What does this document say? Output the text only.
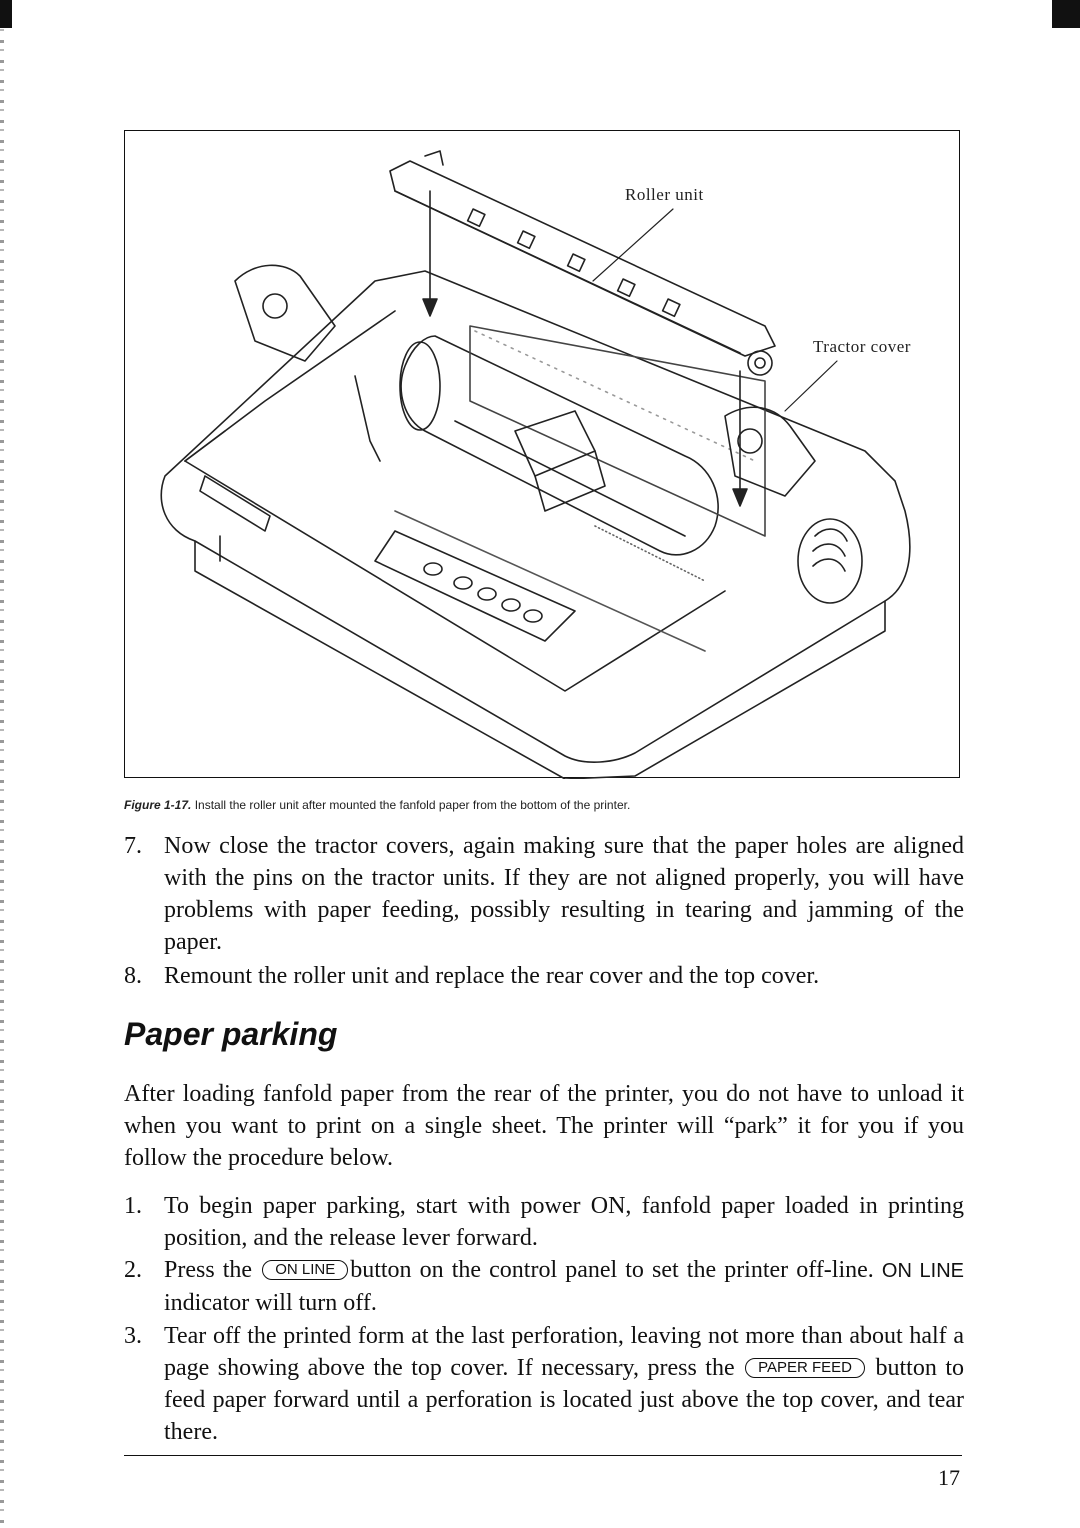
Roller unit
Tractor cover
Figure 1-17. Install the roller unit after mounted the fanfold paper from the bottom of the printer.
7. Now close the tractor covers, again making sure that the paper holes are aligned with the pins on the tractor units. If they are not aligned properly, you will have problems with paper feeding, possibly resulting in tearing and jamming of the paper.
8. Remount the roller unit and replace the rear cover and the top cover.
Paper parking
After loading fanfold paper from the rear of the printer, you do not have to unload it when you want to print on a single sheet. The printer will “park” it for you if you follow the procedure below.
1. To begin paper parking, start with power ON, fanfold paper loaded in printing position, and the release lever forward.
2. Press the ON LINE button on the control panel to set the printer off-line. ON LINE indicator will turn off.
3. Tear off the printed form at the last perforation, leaving not more than about half a page showing above the top cover. If necessary, press the PAPER FEED button to feed paper forward until a perforation is located just above the top cover, and tear there.
17
